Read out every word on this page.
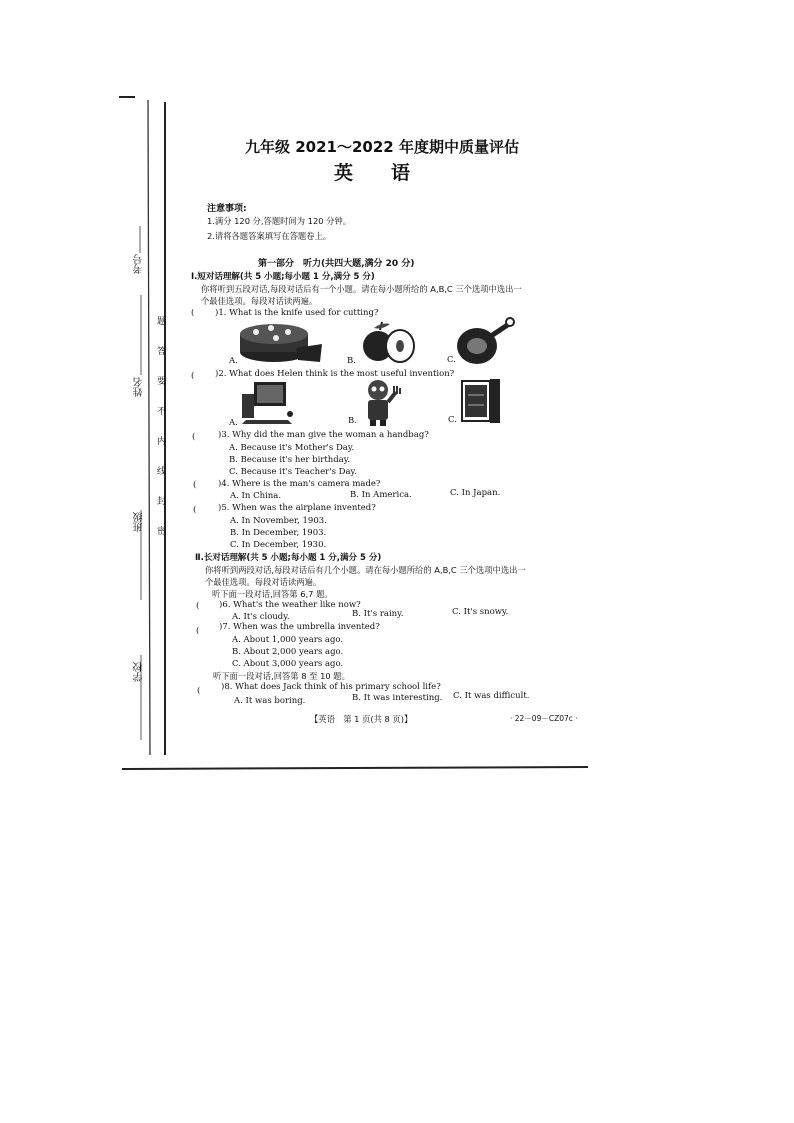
考号
姓名
班级
学校
题
答
要
不
内
线
封
密
九年级 2021～2022 年度期中质量评估
英　　语
注意事项:
1.满分 120 分,答题时间为 120 分钟。
2.请将各题答案填写在答题卷上。
第一部分　听力(共四大题,满分 20 分)
Ⅰ.短对话理解(共 5 小题;每小题 1 分,满分 5 分)
你将听到五段对话,每段对话后有一个小题。请在每小题所给的 A,B,C 三个选项中选出一
个最佳选项。每段对话读两遍。
( )1. What is the knife used for cutting?
A.	B.	C.
( )2. What does Helen think is the most useful invention?
A.	B.	C.
(	)3. Why did the man give the woman a handbag?
A. Because it's Mother's Day.
B. Because it's her birthday.
C. Because it's Teacher's Day.
(	)4. Where is the man's camera made?
A. In China.	B. In America.	C. In Japan.
(	)5. When was the airplane invented?
A. In November, 1903.
B. In December, 1903.
C. In December, 1930.
Ⅱ.长对话理解(共 5 小题;每小题 1 分,满分 5 分)
你将听到两段对话,每段对话后有几个小题。请在每小题所给的 A,B,C 三个选项中选出一
个最佳选项。每段对话读两遍。
听下面一段对话,回答第 6,7 题。
( )6. What's the weather like now?
A. It's cloudy.	B. It's rainy.	C. It's snowy.
( )7. When was the umbrella invented?
A. About 1,000 years ago.
B. About 2,000 years ago.
C. About 3,000 years ago.
听下面一段对话,回答第 8 至 10 题。
( )8. What does Jack think of his primary school life?
A. It was boring.	B. It was interesting. C. It was difficult.
【英语　第 1 页(共 8 页)】	· 22－09－CZ07c ·
